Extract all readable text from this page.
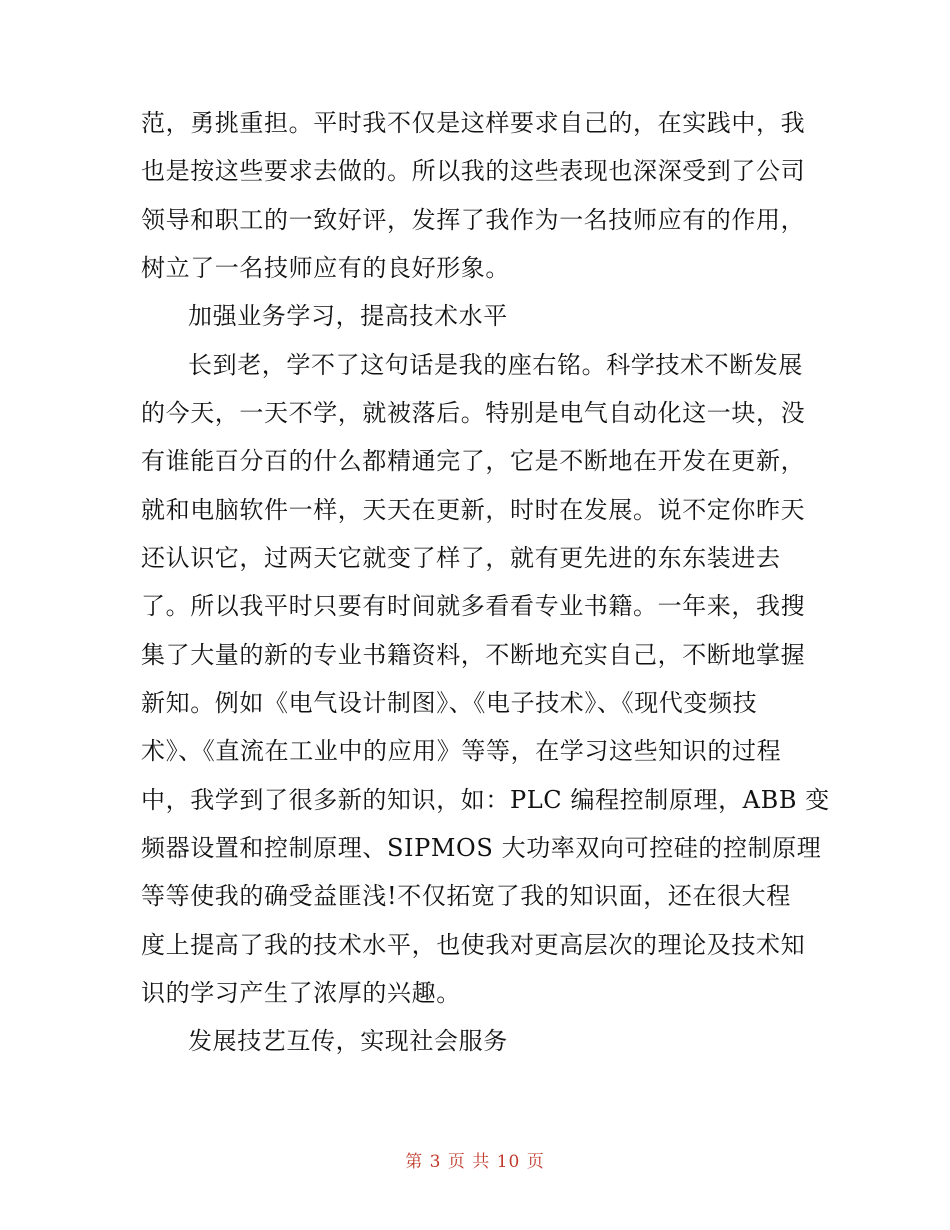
范，勇挑重担。平时我不仅是这样要求自己的，在实践中，我
也是按这些要求去做的。所以我的这些表现也深深受到了公司
领导和职工的一致好评，发挥了我作为一名技师应有的作用，
树立了一名技师应有的良好形象。
加强业务学习，提高技术水平
长到老，学不了这句话是我的座右铭。科学技术不断发展
的今天，一天不学，就被落后。特别是电气自动化这一块，没
有谁能百分百的什么都精通完了，它是不断地在开发在更新，
就和电脑软件一样，天天在更新，时时在发展。说不定你昨天
还认识它，过两天它就变了样了，就有更先进的东东装进去
了。所以我平时只要有时间就多看看专业书籍。一年来，我搜
集了大量的新的专业书籍资料，不断地充实自己，不断地掌握
新知。例如《电气设计制图》、《电子技术》、《现代变频技
术》、《直流在工业中的应用》等等，在学习这些知识的过程
中，我学到了很多新的知识，如：PLC 编程控制原理，ABB 变
频器设置和控制原理、SIPMOS 大功率双向可控硅的控制原理
等等使我的确受益匪浅!不仅拓宽了我的知识面，还在很大程
度上提高了我的技术水平，也使我对更高层次的理论及技术知
识的学习产生了浓厚的兴趣。
发展技艺互传，实现社会服务
第 3 页 共 10 页
